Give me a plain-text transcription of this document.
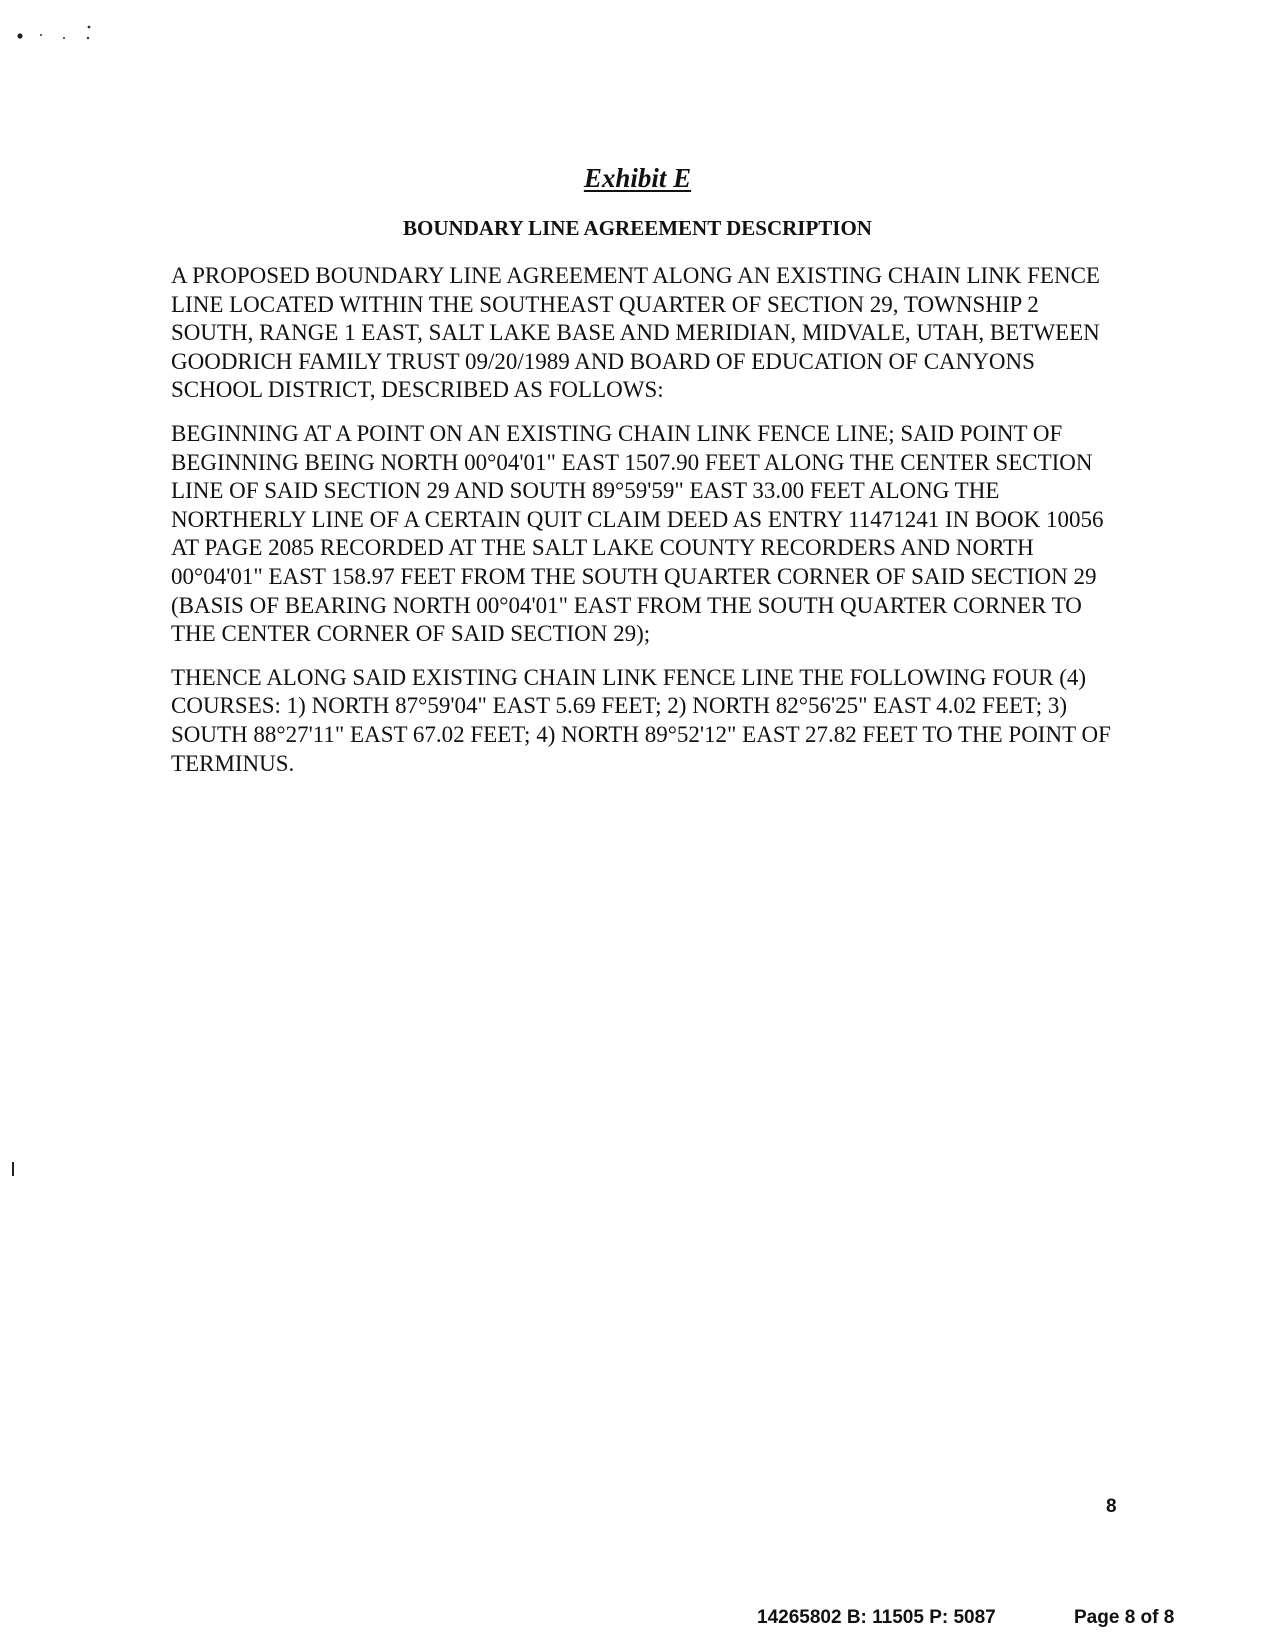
Exhibit E
BOUNDARY LINE AGREEMENT DESCRIPTION

A PROPOSED BOUNDARY LINE AGREEMENT ALONG AN EXISTING CHAIN LINK FENCE LINE LOCATED WITHIN THE SOUTHEAST QUARTER OF SECTION 29, TOWNSHIP 2 SOUTH, RANGE 1 EAST, SALT LAKE BASE AND MERIDIAN, MIDVALE, UTAH, BETWEEN GOODRICH FAMILY TRUST 09/20/1989 AND BOARD OF EDUCATION OF CANYONS SCHOOL DISTRICT, DESCRIBED AS FOLLOWS:

BEGINNING AT A POINT ON AN EXISTING CHAIN LINK FENCE LINE; SAID POINT OF BEGINNING BEING NORTH 00°04'01" EAST 1507.90 FEET ALONG THE CENTER SECTION LINE OF SAID SECTION 29 AND SOUTH 89°59'59" EAST 33.00 FEET ALONG THE NORTHERLY LINE OF A CERTAIN QUIT CLAIM DEED AS ENTRY 11471241 IN BOOK 10056 AT PAGE 2085 RECORDED AT THE SALT LAKE COUNTY RECORDERS AND NORTH 00°04'01" EAST 158.97 FEET FROM THE SOUTH QUARTER CORNER OF SAID SECTION 29 (BASIS OF BEARING NORTH 00°04'01" EAST FROM THE SOUTH QUARTER CORNER TO THE CENTER CORNER OF SAID SECTION 29);

THENCE ALONG SAID EXISTING CHAIN LINK FENCE LINE THE FOLLOWING FOUR (4) COURSES: 1) NORTH 87°59'04" EAST 5.69 FEET; 2) NORTH 82°56'25" EAST 4.02 FEET; 3) SOUTH 88°27'11" EAST 67.02 FEET; 4) NORTH 89°52'12" EAST 27.82 FEET TO THE POINT OF TERMINUS.

8
14265802 B: 11505 P: 5087	Page 8 of 8
